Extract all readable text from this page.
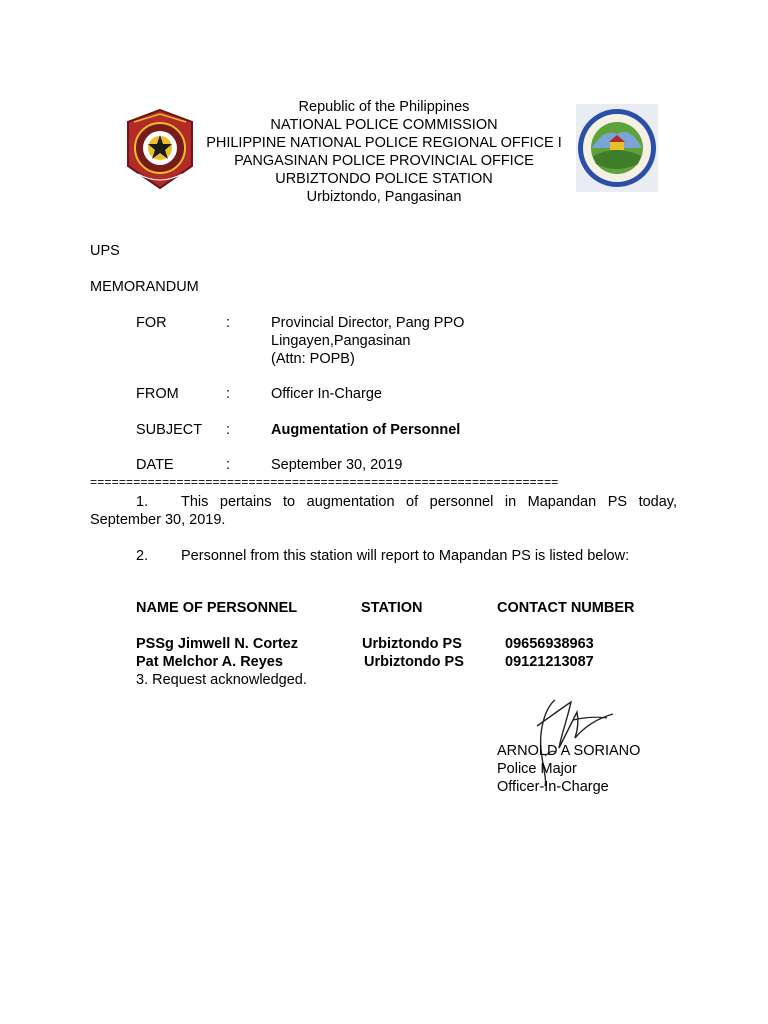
Republic of the Philippines
NATIONAL POLICE COMMISSION
PHILIPPINE NATIONAL POLICE REGIONAL OFFICE I
PANGASINAN POLICE PROVINCIAL OFFICE
URBIZTONDO POLICE STATION
Urbiztondo, Pangasinan
UPS
MEMORANDUM
FOR	:	Provincial Director, Pang PPO
Lingayen,Pangasinan
(Attn: POPB)
FROM	:	Officer In-Charge
SUBJECT :	Augmentation of Personnel
DATE	:	September 30, 2019
=================================================================
1. This pertains to augmentation of personnel in Mapandan PS today,
September 30, 2019.
2. Personnel from this station will report to Mapandan PS is listed below:
NAME OF PERSONNEL	STATION	CONTACT NUMBER
PSSg Jimwell N. Cortez	Urbiztondo PS	09656938963
Pat Melchor A. Reyes	Urbiztondo PS	09121213087
3. Request acknowledged.
ARNOLD A SORIANO
Police Major
Officer-In-Charge
